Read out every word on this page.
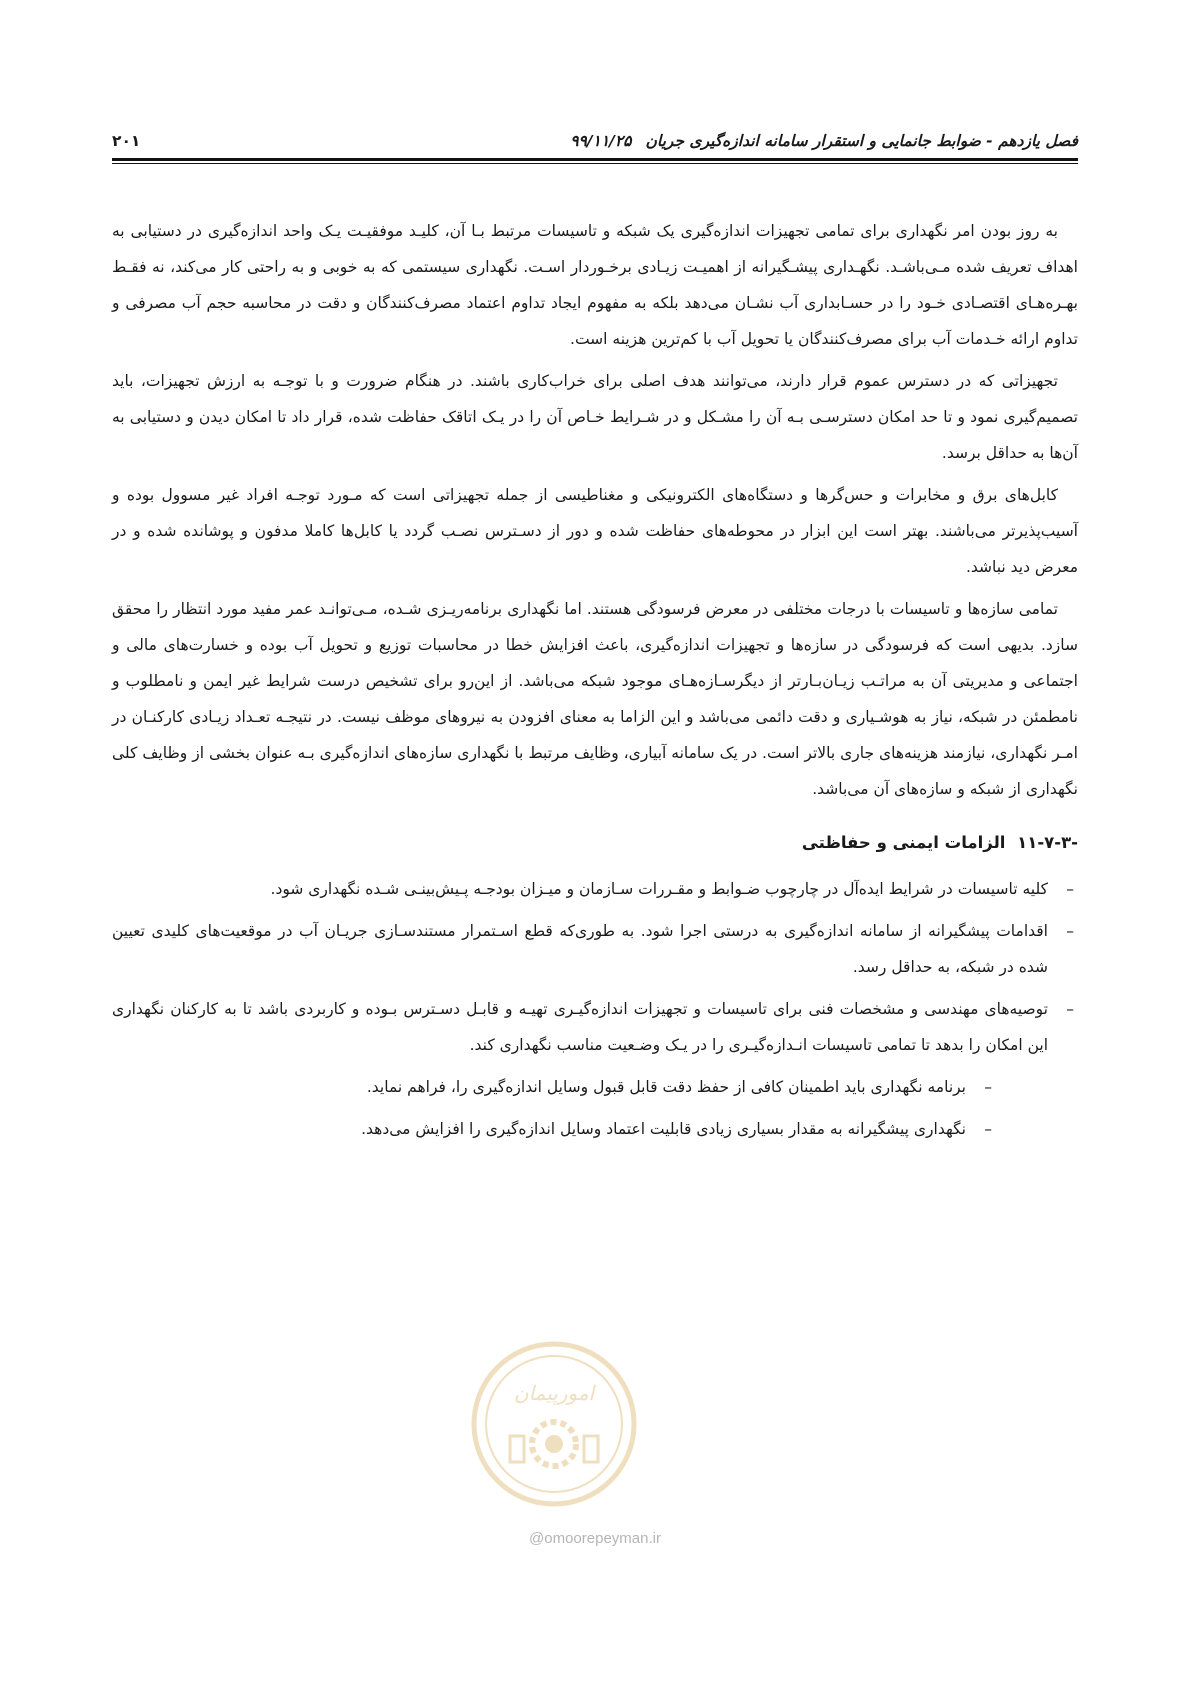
فصل یازدهم - ضوابط جانمایی و استقرار سامانه اندازه‌گیری جریان۹۹/۱۱/۲۵
۲۰۱

به روز بودن امر نگهداری برای تمامی تجهیزات اندازه‌گیری یک شبکه و تاسیسات مرتبط بـا آن، کلیـد موفقیـت یـک واحد اندازه‌گیری در دستیابی به اهداف تعریف شده مـی‌باشـد. نگهـداری پیشـگیرانه از اهمیـت زیـادی برخـوردار اسـت. نگهداری سیستمی که به خوبی و به راحتی کار می‌کند، نه فقـط بهـره‌هـای اقتصـادی خـود را در حسـابداری آب نشـان می‌دهد بلکه به مفهوم ایجاد تداوم اعتماد مصرف‌کنندگان و دقت در محاسبه حجم آب مصرفی و تداوم ارائه خـدمات آب برای مصرف‌کنندگان یا تحویل آب با کم‌ترین هزینه است.

تجهیزاتی که در دسترس عموم قرار دارند، می‌توانند هدف اصلی برای خراب‌کاری باشند. در هنگام ضرورت و با توجـه به ارزش تجهیزات، باید تصمیم‌گیری نمود و تا حد امکان دسترسـی بـه آن را مشـکل و در شـرایط خـاص آن را در یـک اتاقک حفاظت شده، قرار داد تا امکان دیدن و دستیابی به آن‌ها به حداقل برسد.

کابل‌های برق و مخابرات و حس‌گرها و دستگاه‌های الکترونیکی و مغناطیسی از جمله تجهیزاتی است که مـورد توجـه افراد غیر مسوول بوده و آسیب‌پذیرتر می‌باشند. بهتر است این ابزار در محوطه‌های حفاظت شده و دور از دسـترس نصـب گردد یا کابل‌ها کاملا مدفون و پوشانده شده و در معرض دید نباشد.

تمامی سازه‌ها و تاسیسات با درجات مختلفی در معرض فرسودگی هستند. اما نگهداری برنامه‌ریـزی شـده، مـی‌توانـد عمر مفید مورد انتظار را محقق سازد. بدیهی است که فرسودگی در سازه‌ها و تجهیزات اندازه‌گیری، باعث افزایش خطا در محاسبات توزیع و تحویل آب بوده و خسارت‌های مالی و اجتماعی و مدیریتی آن به مراتـب زیـان‌بـارتر از دیگرسـازه‌هـای موجود شبکه می‌باشد. از این‌رو برای تشخیص درست شرایط غیر ایمن و نامطلوب و نامطمئن در شبکه، نیاز به هوشـیاری و دقت دائمی می‌باشد و این الزاما به معنای افزودن به نیروهای موظف نیست. در نتیجـه تعـداد زیـادی کارکنـان در امـر نگهداری، نیازمند هزینه‌های جاری بالاتر است. در یک سامانه آبیاری، وظایف مرتبط با نگهداری سازه‌های اندازه‌گیری بـه عنوان بخشی از وظایف کلی نگهداری از شبکه و سازه‌های آن می‌باشد.

۱۱-۷-۳- الزامات ایمنی و حفاظتی
–
کلیه تاسیسات در شرایط ایده‌آل در چارچوب ضـوابط و مقـررات سـازمان و میـزان بودجـه پـیش‌بینـی شـده نگهداری شود.
–
اقدامات پیشگیرانه از سامانه اندازه‌گیری به درستی اجرا شود. به طوری‌که قطع اسـتمرار مستندسـازی جریـان آب در موقعیت‌های کلیدی تعیین شده در شبکه، به حداقل رسد.
–
توصیه‌های مهندسی و مشخصات فنی برای تاسیسات و تجهیزات اندازه‌گیـری تهیـه و قابـل دسـترس بـوده و کاربردی باشد تا به کارکنان نگهداری این امکان را بدهد تا تمامی تاسیسات انـدازه‌گیـری را در یـک وضـعیت مناسب نگهداری کند.
–
برنامه نگهداری باید اطمینان کافی از حفظ دقت قابل قبول وسایل اندازه‌گیری را، فراهم نماید.
–
نگهداری پیشگیرانه به مقدار بسیاری زیادی قابلیت اعتماد وسایل اندازه‌گیری را افزایش می‌دهد.
امورپیمان
@omoorepeyman.ir
